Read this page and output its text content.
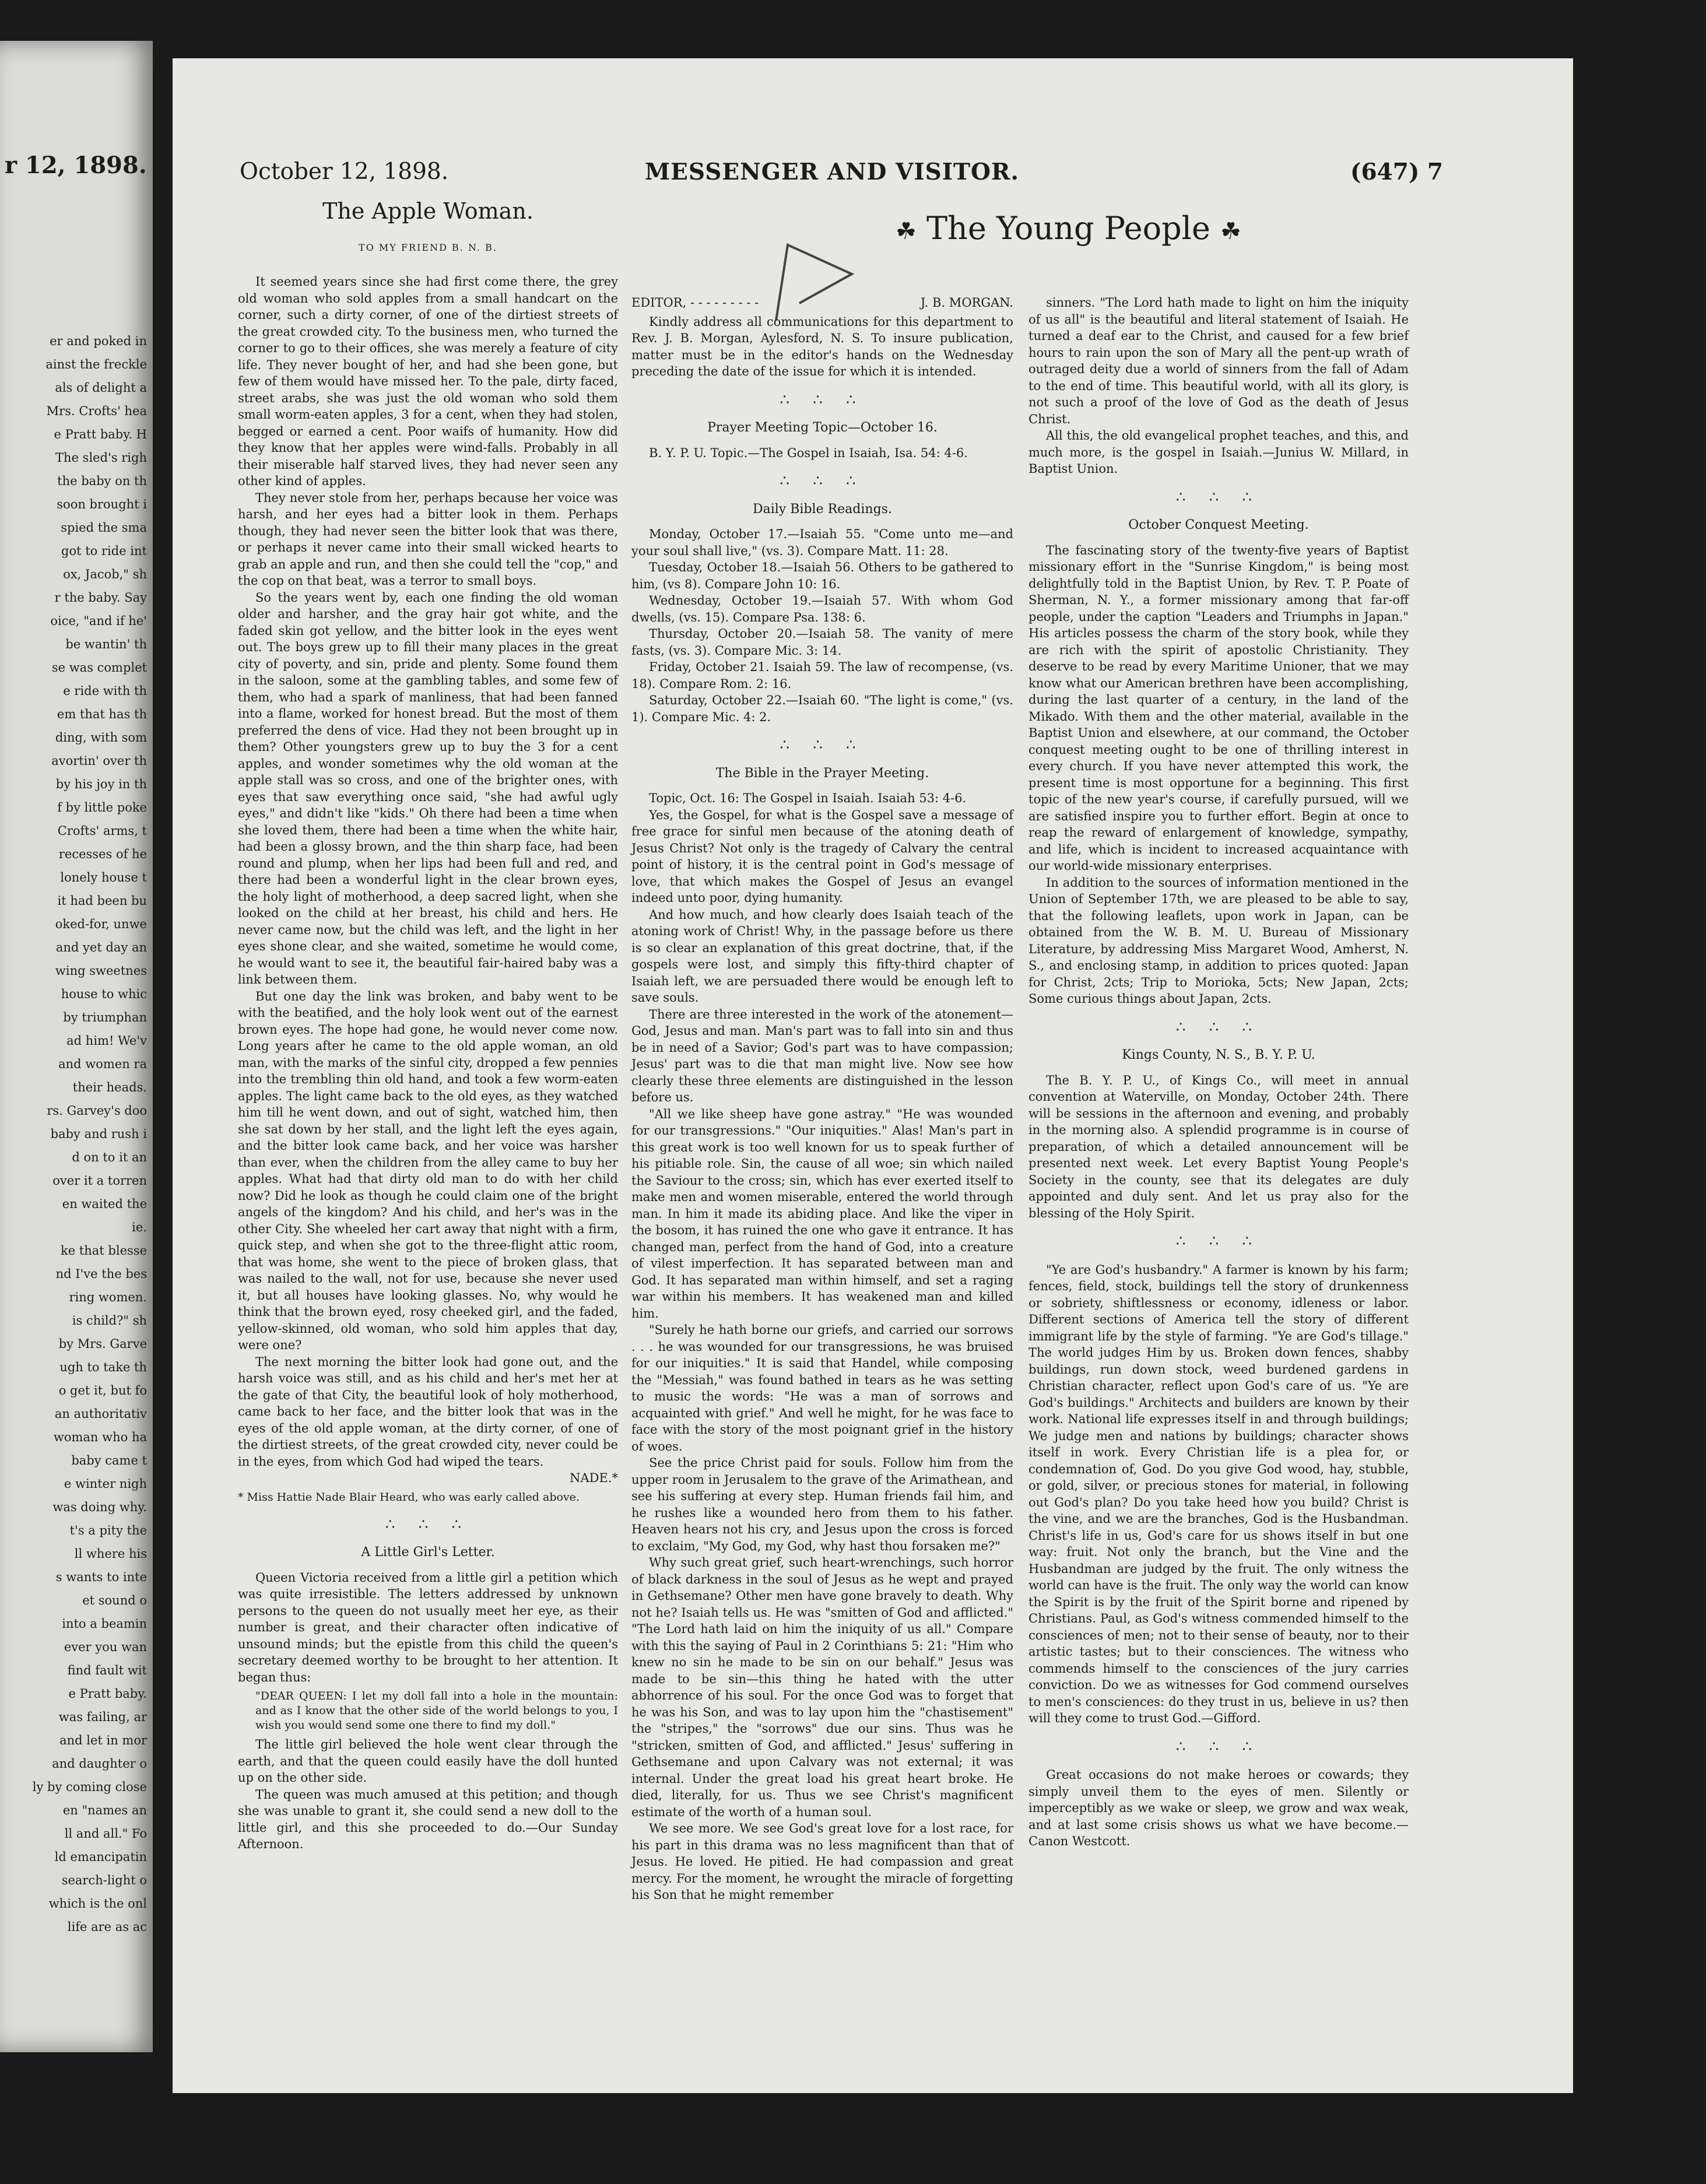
r 12, 1898.
er and poked in
ainst the freckle
als of delight a
Mrs. Crofts' hea
e Pratt baby. H
The sled's righ
the baby on th
soon brought i
spied the sma
got to ride int
ox, Jacob," sh
r the baby. Say
oice, "and if he'
be wantin' th
se was complet
e ride with th
em that has th
ding, with som
avortin' over th
by his joy in th
f by little poke
Crofts' arms, t
recesses of he
lonely house t
it had been bu
oked-for, unwe
and yet day an
wing sweetnes
house to whic
by triumphan
ad him! We'v
and women ra
their heads.
rs. Garvey's doo
baby and rush i
d on to it an
over it a torren
en waited the
ie.
ke that blesse
nd I've the bes
ring women.
is child?" sh
by Mrs. Garve
ugh to take th
o get it, but fo
an authoritativ
woman who ha
baby came t
e winter nigh
was doing why.
t's a pity the
ll where his
s wants to inte
et sound o
into a beamin
ever you wan
find fault wit
e Pratt baby.
was failing, ar
and let in mor
and daughter o
ly by coming close
en "names an
ll and all." Fo
ld emancipatin
search-light o
which is the onl
life are as ac
October 12, 1898.	MESSENGER AND VISITOR.	(647) 7
☘ The Young People ☘
The Apple Woman.
TO MY FRIEND B. N. B.

It seemed years since she had first come there, the grey old woman who sold apples from a small handcart on the corner, such a dirty corner, of one of the dirtiest streets of the great crowded city. To the business men, who turned the corner to go to their offices, she was merely a feature of city life. They never bought of her, and had she been gone, but few of them would have missed her. To the pale, dirty faced, street arabs, she was just the old woman who sold them small worm-eaten apples, 3 for a cent, when they had stolen, begged or earned a cent. Poor waifs of humanity. How did they know that her apples were wind-falls. Probably in all their miserable half starved lives, they had never seen any other kind of apples.

They never stole from her, perhaps because her voice was harsh, and her eyes had a bitter look in them. Perhaps though, they had never seen the bitter look that was there, or perhaps it never came into their small wicked hearts to grab an apple and run, and then she could tell the "cop," and the cop on that beat, was a terror to small boys.

So the years went by, each one finding the old woman older and harsher, and the gray hair got white, and the faded skin got yellow, and the bitter look in the eyes went out. The boys grew up to fill their many places in the great city of poverty, and sin, pride and plenty. Some found them in the saloon, some at the gambling tables, and some few of them, who had a spark of manliness, that had been fanned into a flame, worked for honest bread. But the most of them preferred the dens of vice. Had they not been brought up in them? Other youngsters grew up to buy the 3 for a cent apples, and wonder sometimes why the old woman at the apple stall was so cross, and one of the brighter ones, with eyes that saw everything once said, "she had awful ugly eyes," and didn't like "kids." Oh there had been a time when she loved them, there had been a time when the white hair, had been a glossy brown, and the thin sharp face, had been round and plump, when her lips had been full and red, and there had been a wonderful light in the clear brown eyes, the holy light of motherhood, a deep sacred light, when she looked on the child at her breast, his child and hers. He never came now, but the child was left, and the light in her eyes shone clear, and she waited, sometime he would come, he would want to see it, the beautiful fair-haired baby was a link between them.

But one day the link was broken, and baby went to be with the beatified, and the holy look went out of the earnest brown eyes. The hope had gone, he would never come now. Long years after he came to the old apple woman, an old man, with the marks of the sinful city, dropped a few pennies into the trembling thin old hand, and took a few worm-eaten apples. The light came back to the old eyes, as they watched him till he went down, and out of sight, watched him, then she sat down by her stall, and the light left the eyes again, and the bitter look came back, and her voice was harsher than ever, when the children from the alley came to buy her apples. What had that dirty old man to do with her child now? Did he look as though he could claim one of the bright angels of the kingdom? And his child, and her's was in the other City. She wheeled her cart away that night with a firm, quick step, and when she got to the three-flight attic room, that was home, she went to the piece of broken glass, that was nailed to the wall, not for use, because she never used it, but all houses have looking glasses. No, why would he think that the brown eyed, rosy cheeked girl, and the faded, yellow-skinned, old woman, who sold him apples that day, were one?

The next morning the bitter look had gone out, and the harsh voice was still, and as his child and her's met her at the gate of that City, the beautiful look of holy motherhood, came back to her face, and the bitter look that was in the eyes of the old apple woman, at the dirty corner, of one of the dirtiest streets, of the great crowded city, never could be in the eyes, from which God had wiped the tears.

NADE.*
* Miss Hattie Nade Blair Heard, who was early called above.
∴ ∴ ∴
A Little Girl's Letter.

Queen Victoria received from a little girl a petition which was quite irresistible. The letters addressed by unknown persons to the queen do not usually meet her eye, as their number is great, and their character often indicative of unsound minds; but the epistle from this child the queen's secretary deemed worthy to be brought to her attention. It began thus:

"DEAR QUEEN: I let my doll fall into a hole in the mountain: and as I know that the other side of the world belongs to you, I wish you would send some one there to find my doll."

The little girl believed the hole went clear through the earth, and that the queen could easily have the doll hunted up on the other side.

The queen was much amused at this petition; and though she was unable to grant it, she could send a new doll to the little girl, and this she proceeded to do.—Our Sunday Afternoon.

EDITOR, - - - - - - - - -	J. B. MORGAN.

Kindly address all communications for this department to Rev. J. B. Morgan, Aylesford, N. S. To insure publication, matter must be in the editor's hands on the Wednesday preceding the date of the issue for which it is intended.

∴ ∴ ∴
Prayer Meeting Topic—October 16.

B. Y. P. U. Topic.—The Gospel in Isaiah, Isa. 54: 4-6.

∴ ∴ ∴
Daily Bible Readings.

Monday, October 17.—Isaiah 55. "Come unto me—and your soul shall live," (vs. 3). Compare Matt. 11: 28.

Tuesday, October 18.—Isaiah 56. Others to be gathered to him, (vs 8). Compare John 10: 16.

Wednesday, October 19.—Isaiah 57. With whom God dwells, (vs. 15). Compare Psa. 138: 6.

Thursday, October 20.—Isaiah 58. The vanity of mere fasts, (vs. 3). Compare Mic. 3: 14.

Friday, October 21. Isaiah 59. The law of recompense, (vs. 18). Compare Rom. 2: 16.

Saturday, October 22.—Isaiah 60. "The light is come," (vs. 1). Compare Mic. 4: 2.

∴ ∴ ∴
The Bible in the Prayer Meeting.

Topic, Oct. 16: The Gospel in Isaiah. Isaiah 53: 4-6.

Yes, the Gospel, for what is the Gospel save a message of free grace for sinful men because of the atoning death of Jesus Christ? Not only is the tragedy of Calvary the central point of history, it is the central point in God's message of love, that which makes the Gospel of Jesus an evangel indeed unto poor, dying humanity.

And how much, and how clearly does Isaiah teach of the atoning work of Christ! Why, in the passage before us there is so clear an explanation of this great doctrine, that, if the gospels were lost, and simply this fifty-third chapter of Isaiah left, we are persuaded there would be enough left to save souls.

There are three interested in the work of the atonement—God, Jesus and man. Man's part was to fall into sin and thus be in need of a Savior; God's part was to have compassion; Jesus' part was to die that man might live. Now see how clearly these three elements are distinguished in the lesson before us.

"All we like sheep have gone astray." "He was wounded for our transgressions." "Our iniquities." Alas! Man's part in this great work is too well known for us to speak further of his pitiable role. Sin, the cause of all woe; sin which nailed the Saviour to the cross; sin, which has ever exerted itself to make men and women miserable, entered the world through man. In him it made its abiding place. And like the viper in the bosom, it has ruined the one who gave it entrance. It has changed man, perfect from the hand of God, into a creature of vilest imperfection. It has separated between man and God. It has separated man within himself, and set a raging war within his members. It has weakened man and killed him.

"Surely he hath borne our griefs, and carried our sorrows . . . he was wounded for our transgressions, he was bruised for our iniquities." It is said that Handel, while composing the "Messiah," was found bathed in tears as he was setting to music the words: "He was a man of sorrows and acquainted with grief." And well he might, for he was face to face with the story of the most poignant grief in the history of woes.

See the price Christ paid for souls. Follow him from the upper room in Jerusalem to the grave of the Arimathean, and see his suffering at every step. Human friends fail him, and he rushes like a wounded hero from them to his father. Heaven hears not his cry, and Jesus upon the cross is forced to exclaim, "My God, my God, why hast thou forsaken me?"

Why such great grief, such heart-wrenchings, such horror of black darkness in the soul of Jesus as he wept and prayed in Gethsemane? Other men have gone bravely to death. Why not he? Isaiah tells us. He was "smitten of God and afflicted." "The Lord hath laid on him the iniquity of us all." Compare with this the saying of Paul in 2 Corinthians 5: 21: "Him who knew no sin he made to be sin on our behalf." Jesus was made to be sin—this thing he hated with the utter abhorrence of his soul. For the once God was to forget that he was his Son, and was to lay upon him the "chastisement" the "stripes," the "sorrows" due our sins. Thus was he "stricken, smitten of God, and afflicted." Jesus' suffering in Gethsemane and upon Calvary was not external; it was internal. Under the great load his great heart broke. He died, literally, for us. Thus we see Christ's magnificent estimate of the worth of a human soul.

We see more. We see God's great love for a lost race, for his part in this drama was no less magnificent than that of Jesus. He loved. He pitied. He had compassion and great mercy. For the moment, he wrought the miracle of forgetting his Son that he might remember

sinners. "The Lord hath made to light on him the iniquity of us all" is the beautiful and literal statement of Isaiah. He turned a deaf ear to the Christ, and caused for a few brief hours to rain upon the son of Mary all the pent-up wrath of outraged deity due a world of sinners from the fall of Adam to the end of time. This beautiful world, with all its glory, is not such a proof of the love of God as the death of Jesus Christ.

All this, the old evangelical prophet teaches, and this, and much more, is the gospel in Isaiah.—Junius W. Millard, in Baptist Union.

∴ ∴ ∴
October Conquest Meeting.

The fascinating story of the twenty-five years of Baptist missionary effort in the "Sunrise Kingdom," is being most delightfully told in the Baptist Union, by Rev. T. P. Poate of Sherman, N. Y., a former missionary among that far-off people, under the caption "Leaders and Triumphs in Japan." His articles possess the charm of the story book, while they are rich with the spirit of apostolic Christianity. They deserve to be read by every Maritime Unioner, that we may know what our American brethren have been accomplishing, during the last quarter of a century, in the land of the Mikado. With them and the other material, available in the Baptist Union and elsewhere, at our command, the October conquest meeting ought to be one of thrilling interest in every church. If you have never attempted this work, the present time is most opportune for a beginning. This first topic of the new year's course, if carefully pursued, will we are satisfied inspire you to further effort. Begin at once to reap the reward of enlargement of knowledge, sympathy, and life, which is incident to increased acquaintance with our world-wide missionary enterprises.

In addition to the sources of information mentioned in the Union of September 17th, we are pleased to be able to say, that the following leaflets, upon work in Japan, can be obtained from the W. B. M. U. Bureau of Missionary Literature, by addressing Miss Margaret Wood, Amherst, N. S., and enclosing stamp, in addition to prices quoted: Japan for Christ, 2cts; Trip to Morioka, 5cts; New Japan, 2cts; Some curious things about Japan, 2cts.

∴ ∴ ∴
Kings County, N. S., B. Y. P. U.

The B. Y. P. U., of Kings Co., will meet in annual convention at Waterville, on Monday, October 24th. There will be sessions in the afternoon and evening, and probably in the morning also. A splendid programme is in course of preparation, of which a detailed announcement will be presented next week. Let every Baptist Young People's Society in the county, see that its delegates are duly appointed and duly sent. And let us pray also for the blessing of the Holy Spirit.

∴ ∴ ∴

"Ye are God's husbandry." A farmer is known by his farm; fences, field, stock, buildings tell the story of drunkenness or sobriety, shiftlessness or economy, idleness or labor. Different sections of America tell the story of different immigrant life by the style of farming. "Ye are God's tillage." The world judges Him by us. Broken down fences, shabby buildings, run down stock, weed burdened gardens in Christian character, reflect upon God's care of us. "Ye are God's buildings." Architects and builders are known by their work. National life expresses itself in and through buildings; We judge men and nations by buildings; character shows itself in work. Every Christian life is a plea for, or condemnation of, God. Do you give God wood, hay, stubble, or gold, silver, or precious stones for material, in following out God's plan? Do you take heed how you build? Christ is the vine, and we are the branches, God is the Husbandman. Christ's life in us, God's care for us shows itself in but one way: fruit. Not only the branch, but the Vine and the Husbandman are judged by the fruit. The only witness the world can have is the fruit. The only way the world can know the Spirit is by the fruit of the Spirit borne and ripened by Christians. Paul, as God's witness commended himself to the consciences of men; not to their sense of beauty, nor to their artistic tastes; but to their consciences. The witness who commends himself to the consciences of the jury carries conviction. Do we as witnesses for God commend ourselves to men's consciences: do they trust in us, believe in us? then will they come to trust God.—Gifford.

∴ ∴ ∴

Great occasions do not make heroes or cowards; they simply unveil them to the eyes of men. Silently or imperceptibly as we wake or sleep, we grow and wax weak, and at last some crisis shows us what we have become.—Canon Westcott.
